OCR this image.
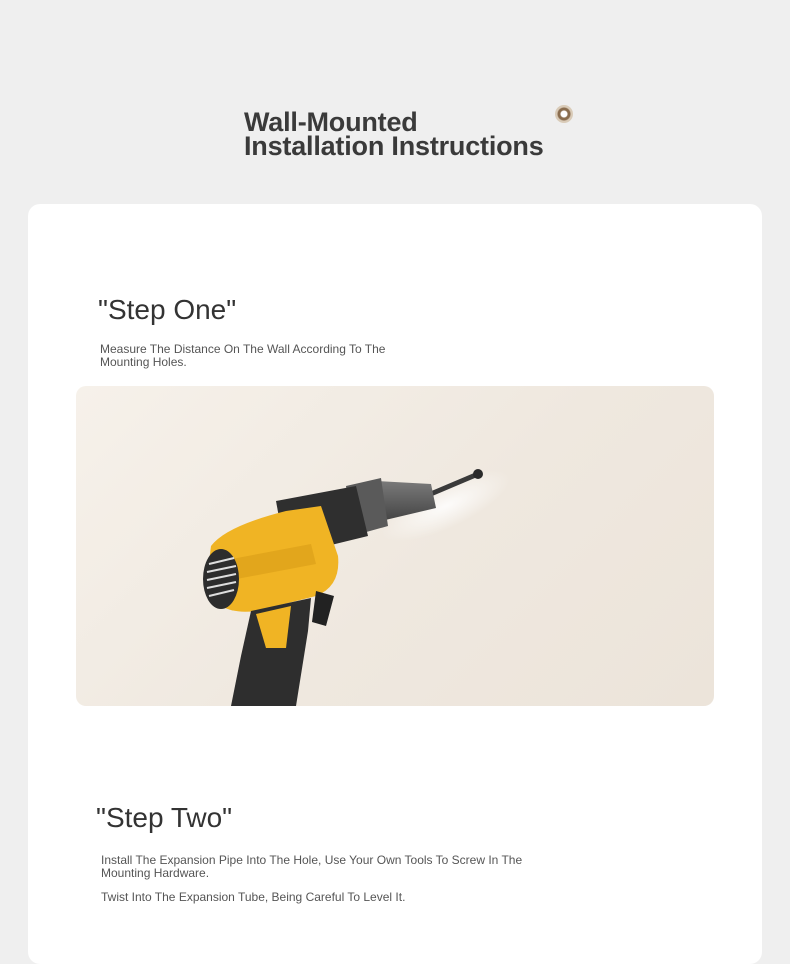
Wall-Mounted
Installation Instructions
"Step One"

Measure The Distance On The Wall According To The Mounting Holes.

"Step Two"

Install The Expansion Pipe Into The Hole, Use Your Own Tools To Screw In The Mounting Hardware.

Twist Into The Expansion Tube, Being Careful To Level It.
